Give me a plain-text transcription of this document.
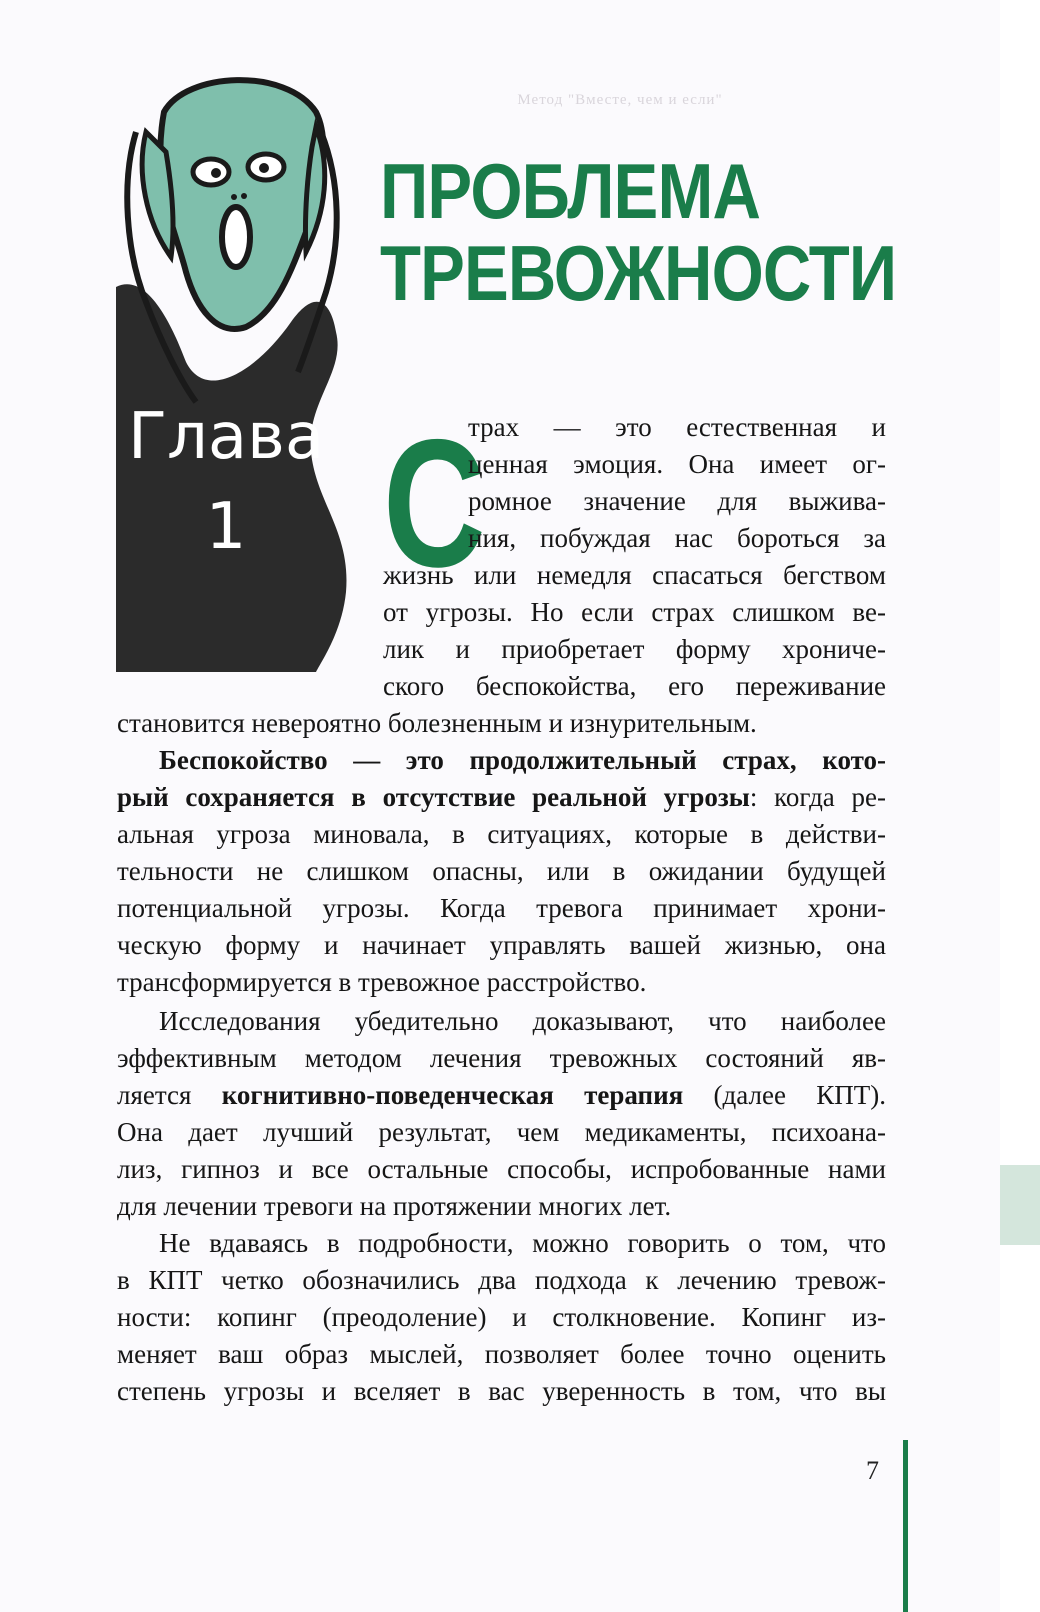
Метод "Вместе, чем и если"
Глава
1
ПРОБЛЕМА
ТРЕВОЖНОСТИ
С
трах — это естественная и
ценная эмоция. Она имеет ог-
ромное значение для выжива-
ния, побуждая нас бороться за
жизнь или немедля спасаться бегством
от угрозы. Но если страх слишком ве-
лик и приобретает форму хрониче-
ского беспокойства, его переживание
становится невероятно болезненным и изнурительным.
Беспокойство — это продолжительный страх, кото-
рый сохраняется в отсутствие реальной угрозы: когда ре-
альная угроза миновала, в ситуациях, которые в действи-
тельности не слишком опасны, или в ожидании будущей
потенциальной угрозы. Когда тревога принимает хрони-
ческую форму и начинает управлять вашей жизнью, она
трансформируется в тревожное расстройство.
Исследования убедительно доказывают, что наиболее
эффективным методом лечения тревожных состояний яв-
ляется когнитивно-поведенческая терапия (далее КПТ).
Она дает лучший результат, чем медикаменты, психоана-
лиз, гипноз и все остальные способы, испробованные нами
для лечении тревоги на протяжении многих лет.
Не вдаваясь в подробности, можно говорить о том, что
в КПТ четко обозначились два подхода к лечению тревож-
ности: копинг (преодоление) и столкновение. Копинг из-
меняет ваш образ мыслей, позволяет более точно оценить
степень угрозы и вселяет в вас уверенность в том, что вы
7
